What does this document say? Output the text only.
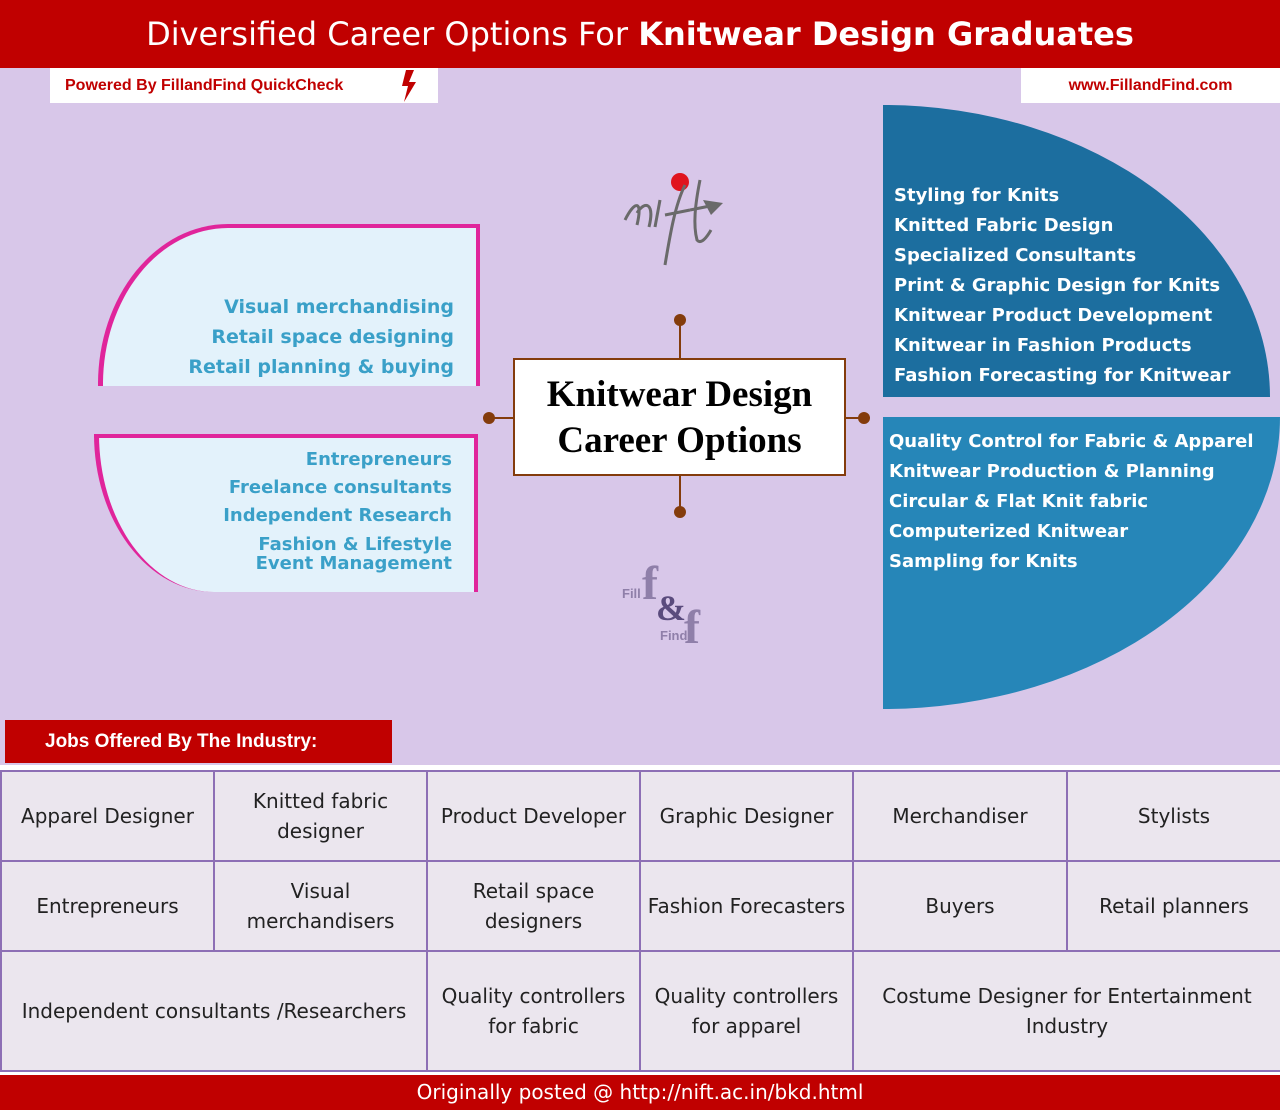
Diversified Career Options For Knitwear Design Graduates
Powered By FillandFind QuickCheck	www.FillandFind.com
Visual merchandising
Retail space designing
Retail planning & buying
Entrepreneurs
Freelance consultants
Independent Research
Fashion & Lifestyle
Event Management
Knitwear Design
Career Options
Styling for Knits
Knitted Fabric Design
Specialized Consultants
Print & Graphic Design for Knits
Knitwear Product Development
Knitwear in Fashion Products
Fashion Forecasting for Knitwear
Quality Control for Fabric & Apparel
Knitwear Production & Planning
Circular & Flat Knit fabric
Computerized Knitwear
Sampling for Knits
Fill f
&
f
Find
Jobs Offered By The Industry:
Apparel Designer	Knitted fabric designer	Product Developer	Graphic Designer	Merchandiser	Stylists
Entrepreneurs	Visual merchandisers	Retail space designers	Fashion Forecasters	Buyers	Retail planners
Independent consultants /Researchers		Quality controllers for fabric	Quality controllers for apparel	Costume Designer for Entertainment Industry	
Originally posted @ http://nift.ac.in/bkd.html
